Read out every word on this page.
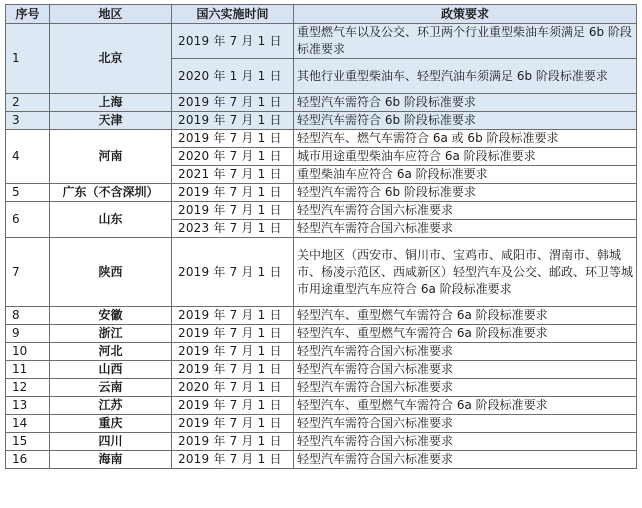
序号	地区	国六实施时间	政策要求
1	北京	2019 年 7 月 1 日	重型燃气车以及公交、环卫两个行业重型柴油车须满足 6b 阶段标准要求
		2020 年 1 月 1 日	其他行业重型柴油车、轻型汽油车须满足 6b 阶段标准要求
2	上海	2019 年 7 月 1 日	轻型汽车需符合 6b 阶段标准要求
3	天津	2019 年 7 月 1 日	轻型汽车需符合 6b 阶段标准要求
4	河南	2019 年 7 月 1 日	轻型汽车、燃气车需符合 6a 或 6b 阶段标准要求
		2020 年 7 月 1 日	城市用途重型柴油车应符合 6a 阶段标准要求
		2021 年 7 月 1 日	重型柴油车应符合 6a 阶段标准要求
5	广东（不含深圳）	2019 年 7 月 1 日	轻型汽车需符合 6b 阶段标准要求
6	山东	2019 年 7 月 1 日	轻型汽车需符合国六标准要求
		2023 年 7 月 1 日	轻型汽车需符合国六标准要求
7	陕西	2019 年 7 月 1 日	关中地区（西安市、铜川市、宝鸡市、咸阳市、渭南市、韩城市、杨凌示范区、西咸新区）轻型汽车及公交、邮政、环卫等城市用途重型汽车应符合 6a 阶段标准要求
8	安徽	2019 年 7 月 1 日	轻型汽车、重型燃气车需符合 6a 阶段标准要求
9	浙江	2019 年 7 月 1 日	轻型汽车、重型燃气车需符合 6a 阶段标准要求
10	河北	2019 年 7 月 1 日	轻型汽车需符合国六标准要求
11	山西	2019 年 7 月 1 日	轻型汽车需符合国六标准要求
12	云南	2020 年 7 月 1 日	轻型汽车需符合国六标准要求
13	江苏	2019 年 7 月 1 日	轻型汽车、重型燃气车需符合 6a 阶段标准要求
14	重庆	2019 年 7 月 1 日	轻型汽车需符合国六标准要求
15	四川	2019 年 7 月 1 日	轻型汽车需符合国六标准要求
16	海南	2019 年 7 月 1 日	轻型汽车需符合国六标准要求
